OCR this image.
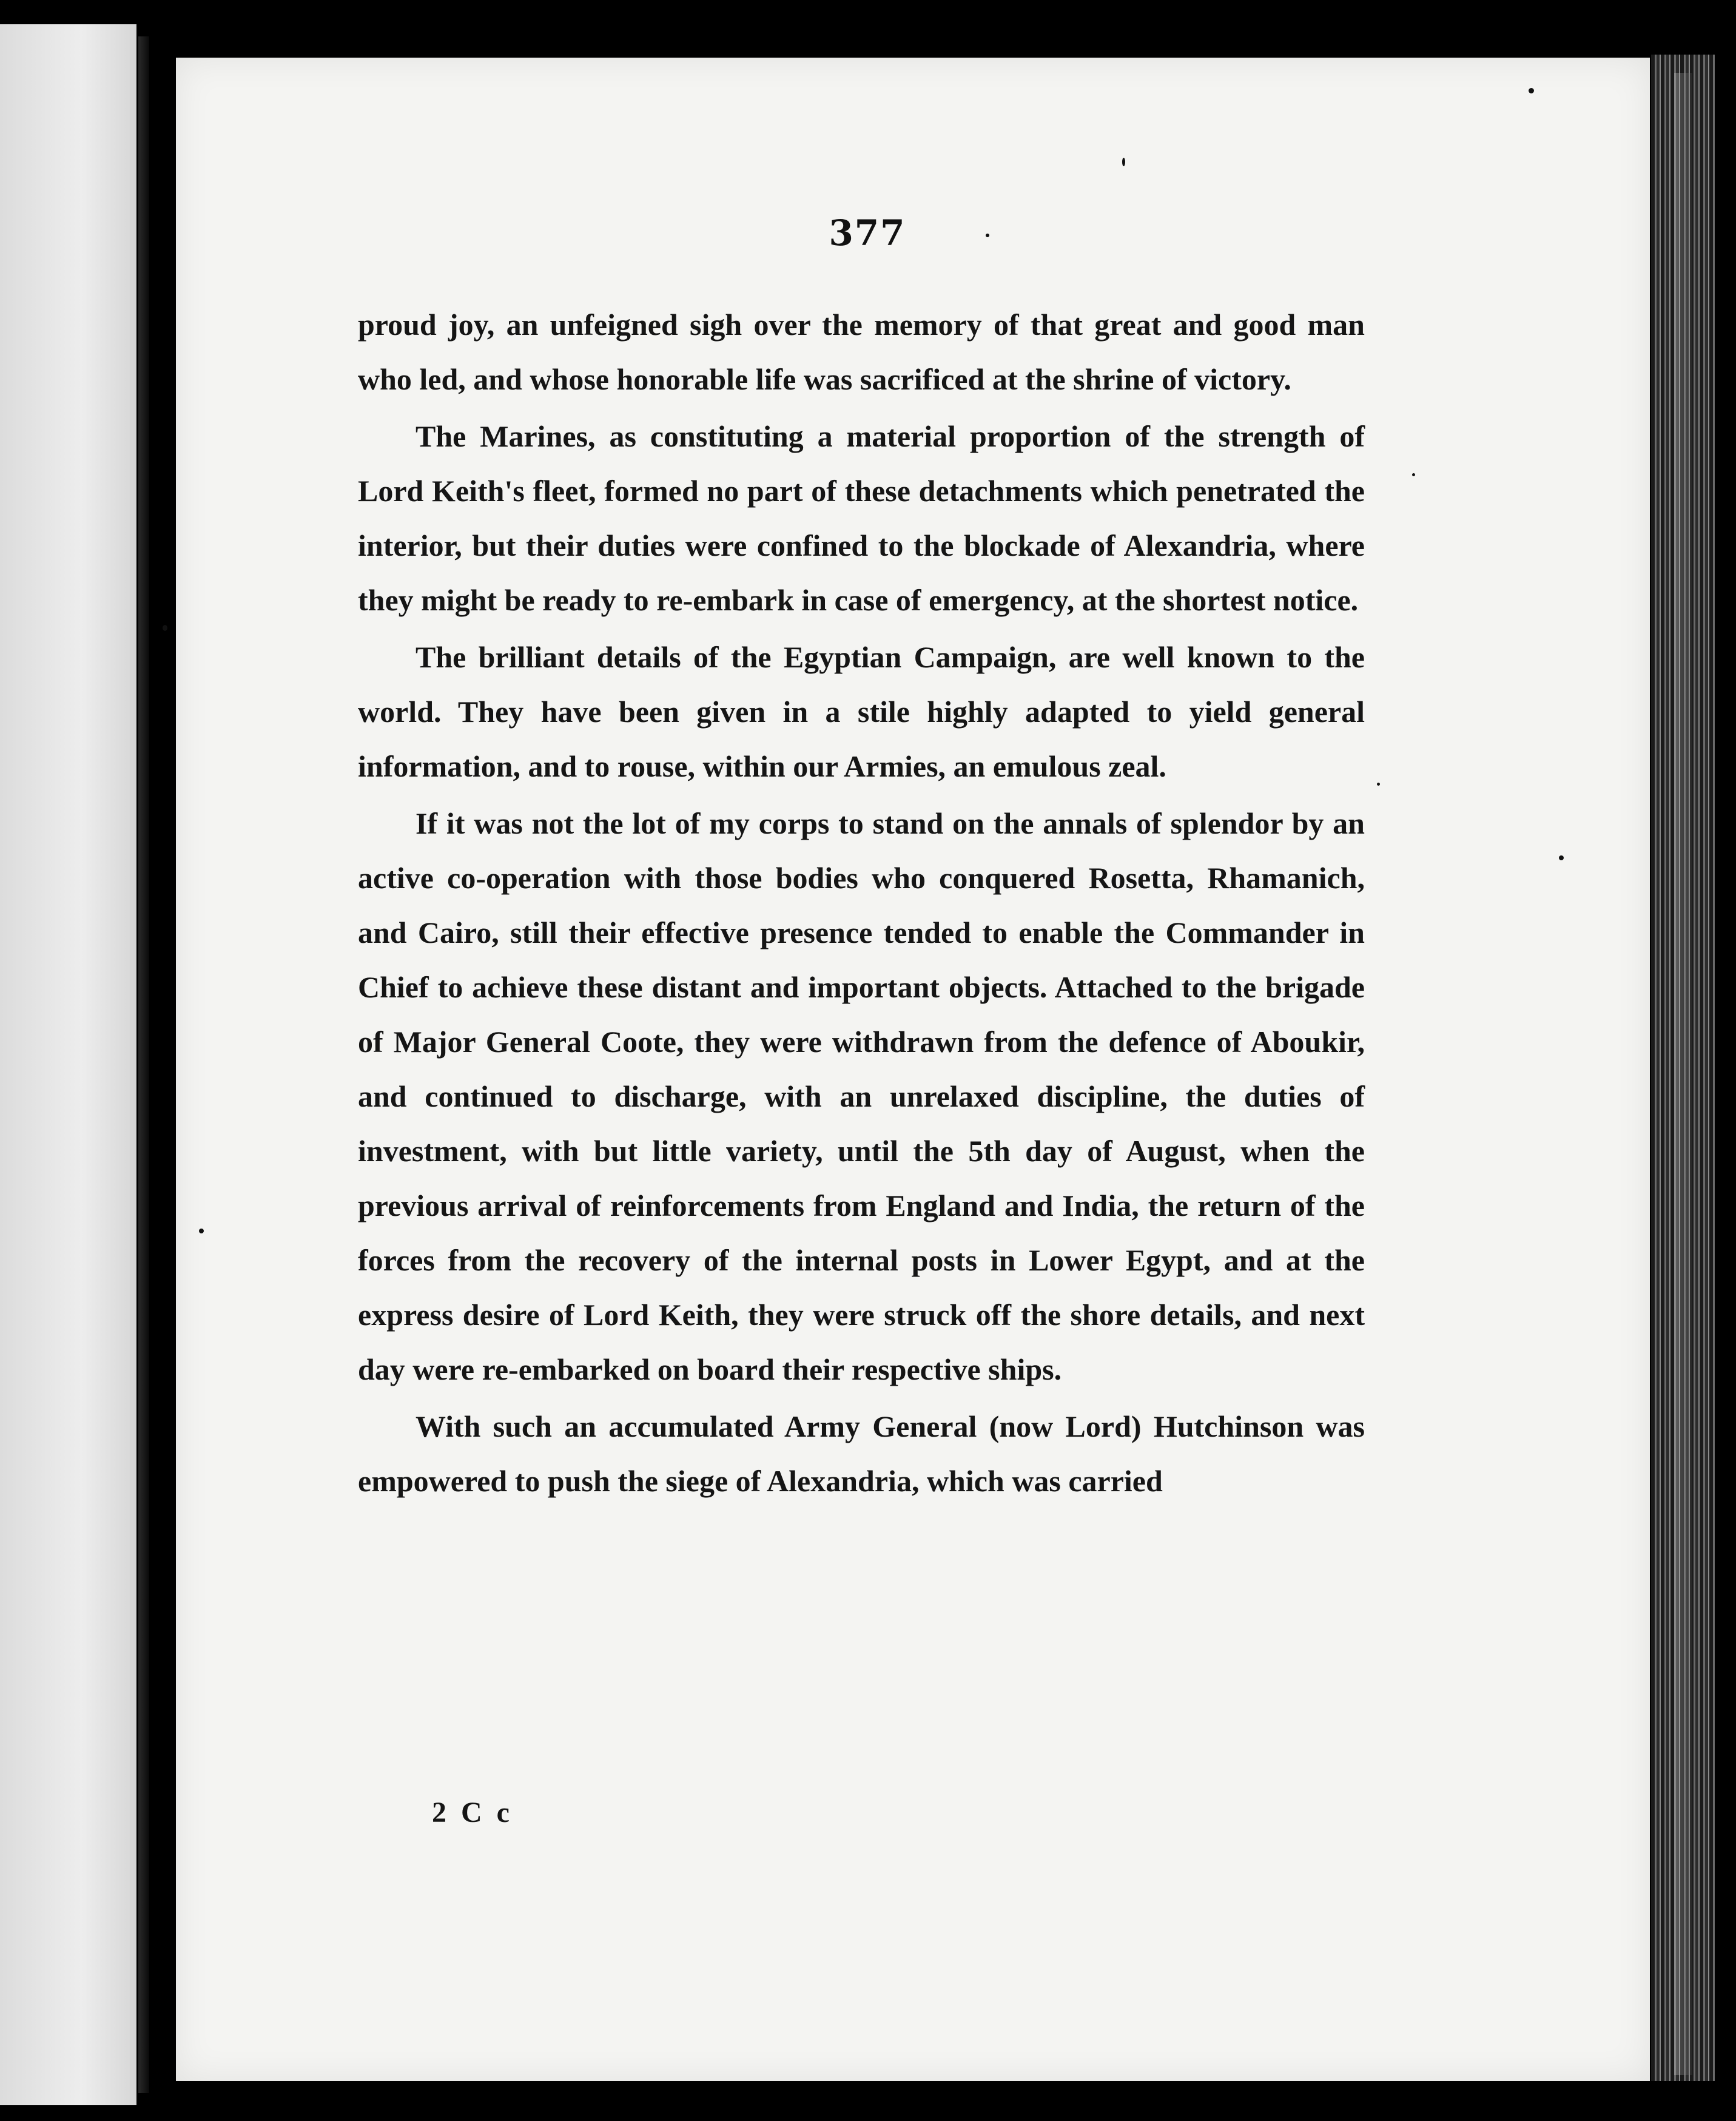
377

proud joy, an unfeigned sigh over the memory of that great and good man who led, and whose honorable life was sacrificed at the shrine of victory.

The Marines, as constituting a material proportion of the strength of Lord Keith's fleet, formed no part of these detachments which penetrated the interior, but their duties were confined to the blockade of Alexandria, where they might be ready to re-embark in case of emergency, at the shortest notice.

The brilliant details of the Egyptian Campaign, are well known to the world. They have been given in a stile highly adapted to yield general information, and to rouse, within our Armies, an emulous zeal.

If it was not the lot of my corps to stand on the annals of splendor by an active co-operation with those bodies who conquered Rosetta, Rhamanich, and Cairo, still their effective presence tended to enable the Commander in Chief to achieve these distant and important objects. Attached to the brigade of Major General Coote, they were withdrawn from the defence of Aboukir, and continued to discharge, with an unrelaxed discipline, the duties of investment, with but little variety, until the 5th day of August, when the previous arrival of reinforcements from England and India, the return of the forces from the recovery of the internal posts in Lower Egypt, and at the express desire of Lord Keith, they were struck off the shore details, and next day were re-embarked on board their respective ships.

With such an accumulated Army General (now Lord) Hutchinson was empowered to push the siege of Alexandria, which was carried

2 C c
